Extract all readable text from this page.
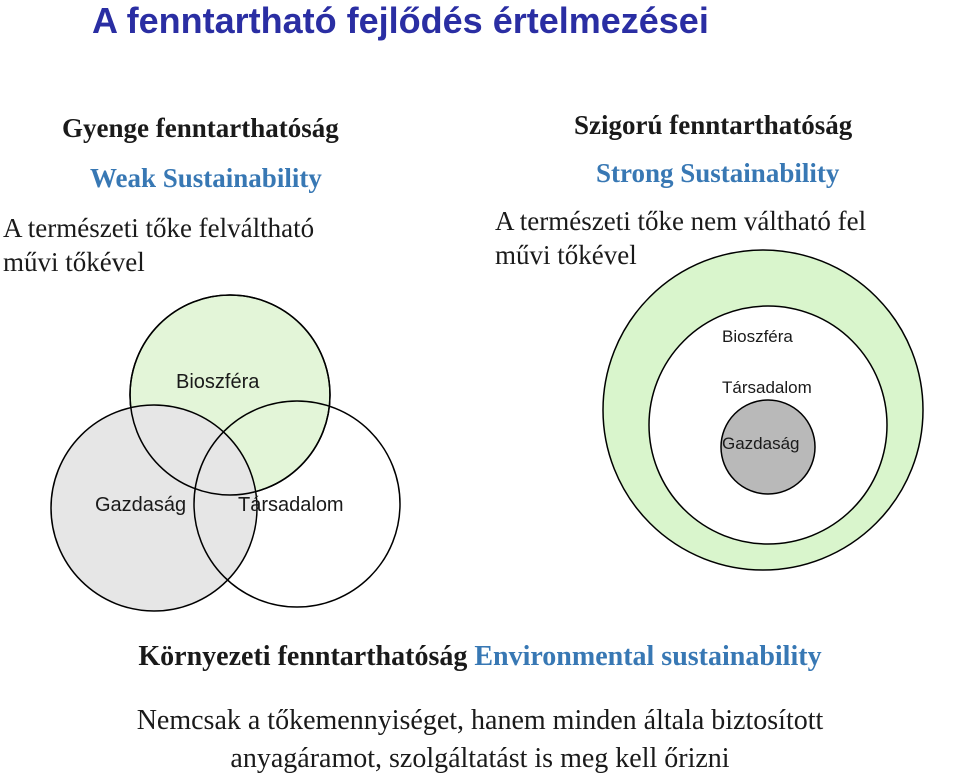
A fenntartható fejlődés értelmezései
Gyenge fenntarthatóság
Weak Sustainability
A természeti tőke felváltható
művi tőkével
Szigorú fenntarthatóság
Strong Sustainability
A természeti tőke nem váltható fel
művi tőkével
Bioszféra
Gazdaság	Társadalom
Bioszféra
Társadalom
Gazdaság
Környezeti fenntarthatóság Environmental sustainability
Nemcsak a tőkemennyiséget, hanem minden általa biztosított
anyagáramot, szolgáltatást is meg kell őrizni
